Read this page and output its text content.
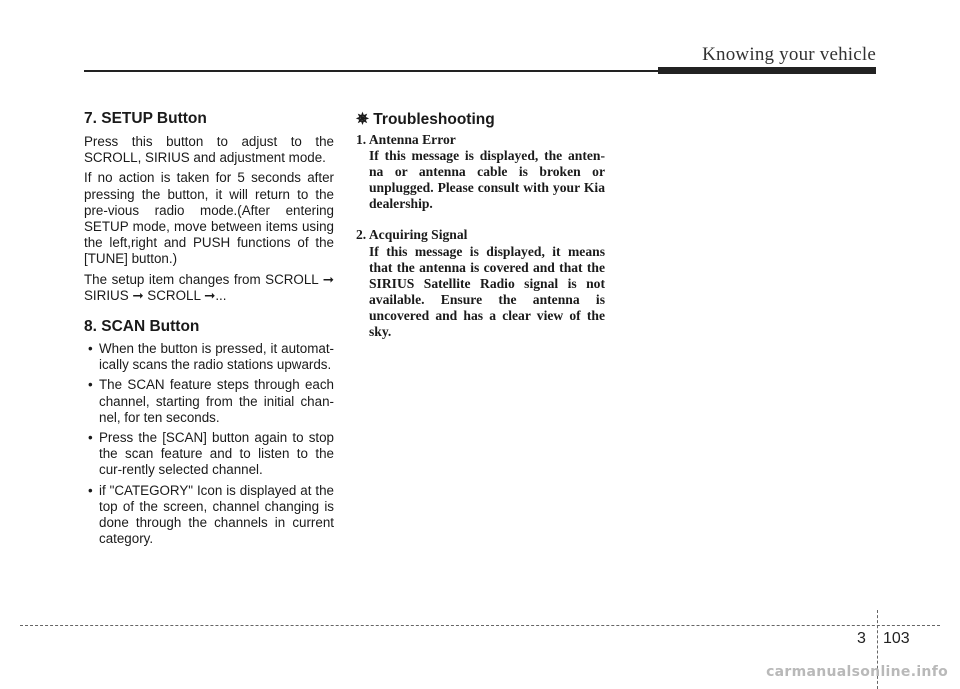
Knowing your vehicle
7. SETUP Button

Press this button to adjust to the SCROLL, SIRIUS and adjustment mode.

If no action is taken for 5 seconds after pressing the button, it will return to the pre-vious radio mode.(After entering SETUP mode, move between items using the left,right and PUSH functions of the [TUNE] button.)

The setup item changes from SCROLL ➞ SIRIUS ➞ SCROLL ➞...

8. SCAN Button
• When the button is pressed, it automat-ically scans the radio stations upwards.
• The SCAN feature steps through each channel, starting from the initial chan-nel, for ten seconds.
• Press the [SCAN] button again to stop the scan feature and to listen to the cur-rently selected channel.
• if "CATEGORY" Icon is displayed at the top of the screen, channel changing is done through the channels in current category.
✵ Troubleshooting

1. Antenna Error

If this message is displayed, the anten-na or antenna cable is broken or unplugged. Please consult with your Kia dealership.

2. Acquiring Signal

If this message is displayed, it means that the antenna is covered and that the SIRIUS Satellite Radio signal is not available. Ensure the antenna is uncovered and has a clear view of the sky.

3 103
carmanualsonline.info
